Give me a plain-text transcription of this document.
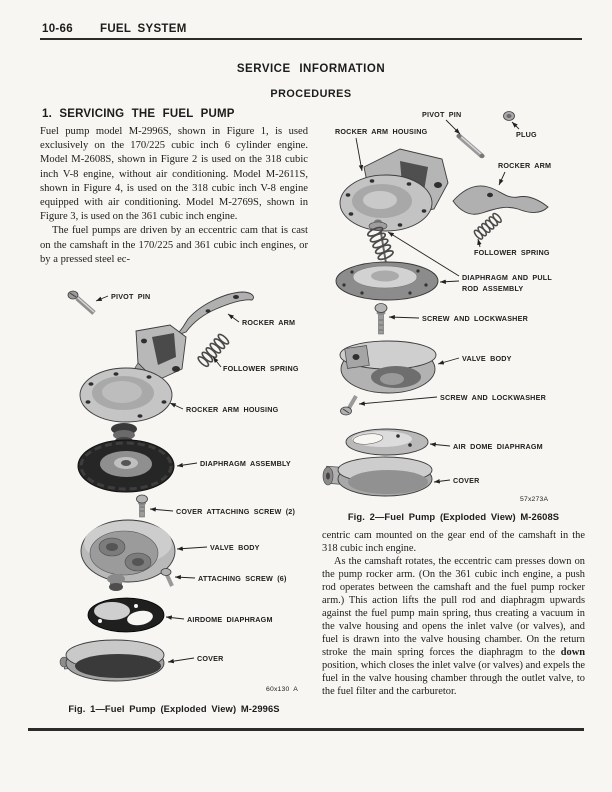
10-66 FUEL SYSTEM
SERVICE INFORMATION
PROCEDURES
1. SERVICING THE FUEL PUMP

Fuel pump model M-2996S, shown in Figure 1, is used exclusively on the 170/225 cubic inch 6 cylinder engine. Model M-2608S, shown in Figure 2 is used on the 318 cubic inch V-8 engine, without air conditioning. Model M-2611S, shown in Figure 4, is used on the 318 cubic inch V-8 engine equipped with air conditioning. Model M-2769S, shown in Figure 3, is used on the 361 cubic inch engine.

The fuel pumps are driven by an eccentric cam that is cast on the camshaft in the 170/225 and 361 cubic inch engines, or by a pressed steel ec-

PIVOT PIN
ROCKER ARM
FOLLOWER SPRING
ROCKER ARM HOUSING
DIAPHRAGM ASSEMBLY
COVER ATTACHING SCREW (2)
VALVE BODY
ATTACHING SCREW (6)
AIRDOME DIAPHRAGM
COVER
60x130 A
Fig. 1—Fuel Pump (Exploded View) M-2996S
PIVOT PIN
PLUG
ROCKER ARM HOUSING
ROCKER ARM
FOLLOWER SPRING
DIAPHRAGM AND PULL
ROD ASSEMBLY
SCREW AND LOCKWASHER
VALVE BODY
SCREW AND LOCKWASHER
AIR DOME DIAPHRAGM
COVER
57x273A
Fig. 2—Fuel Pump (Exploded View) M-2608S

centric cam mounted on the gear end of the camshaft in the 318 cubic inch engine.

As the camshaft rotates, the eccentric cam presses down on the pump rocker arm. (On the 361 cubic inch engine, a push rod operates between the camshaft and the fuel pump rocker arm.) This action lifts the pull rod and diaphragm upwards against the fuel pump main spring, thus creating a vacuum in the valve housing and opens the inlet valve (or valves), and fuel is drawn into the valve housing chamber. On the return stroke the main spring forces the diaphragm to the down position, which closes the inlet valve (or valves) and expels the fuel in the valve housing chamber through the outlet valve, to the fuel filter and the carburetor.
